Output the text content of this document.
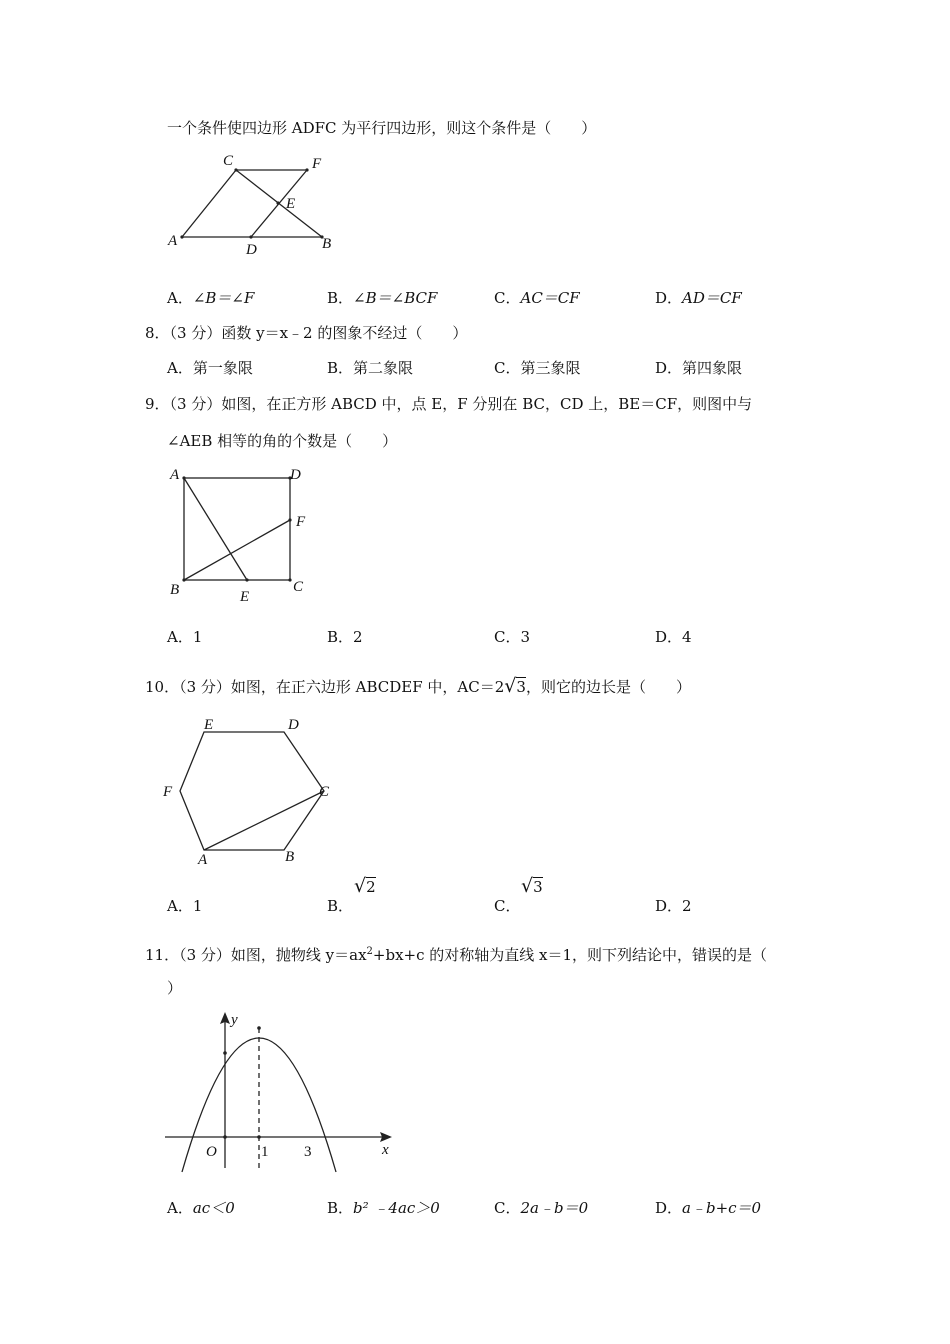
一个条件使四边形 ADFC 为平行四边形，则这个条件是（　　）
C	F
E
A
D	B
A．∠B＝∠F	B．∠B＝∠BCF	C．AC＝CF	D．AD＝CF
8．（3 分）函数 y＝x﹣2 的图象不经过（　　）
A．第一象限	B．第二象限	C．第三象限	D．第四象限
9．（3 分）如图，在正方形 ABCD 中，点 E，F 分别在 BC，CD 上，BE＝CF，则图中与
∠AEB 相等的角的个数是（　　）
A	D
F
B	E
C
A．1	B．2	C．3	D．4
10．（3 分）如图，在正六边形 ABCDEF 中，AC＝2√3，则它的边长是（　　）
E	D
F	C
A	B
A．1	B．
√2
C．
√3
D．2
11．（3 分）如图，抛物线 $y=ax^2+bx+c$ 的对称轴为直线 x＝1，则下列结论中，错误的是（
）
y
x
O	1 3
A．ac＜0	B．b² ﹣4ac＞0	C．2a﹣b＝0	D．a﹣b+c＝0
